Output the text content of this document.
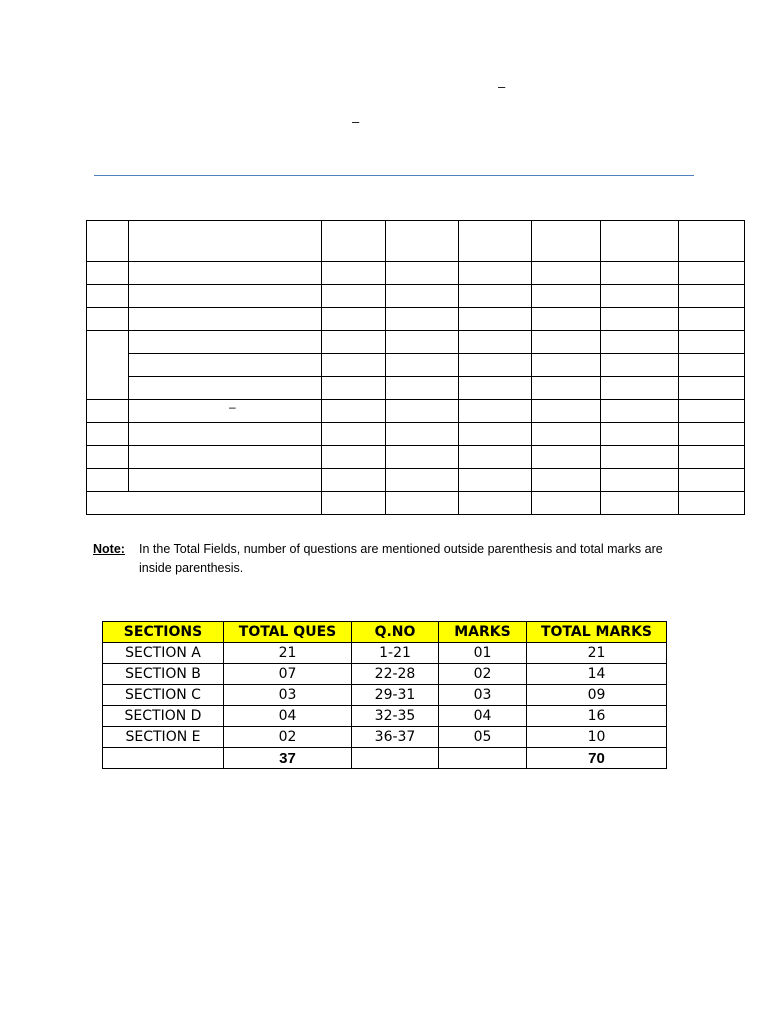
–
–

	–						

Note: In the Total Fields, number of questions are mentioned outside parenthesis and total marks are inside parenthesis.
SECTIONS	TOTAL QUES	Q.NO	MARKS	TOTAL MARKS
SECTION A	21	1-21	01	21
SECTION B	07	22-28	02	14
SECTION C	03	29-31	03	09
SECTION D	04	32-35	04	16
SECTION E	02	36-37	05	10
	37			70
